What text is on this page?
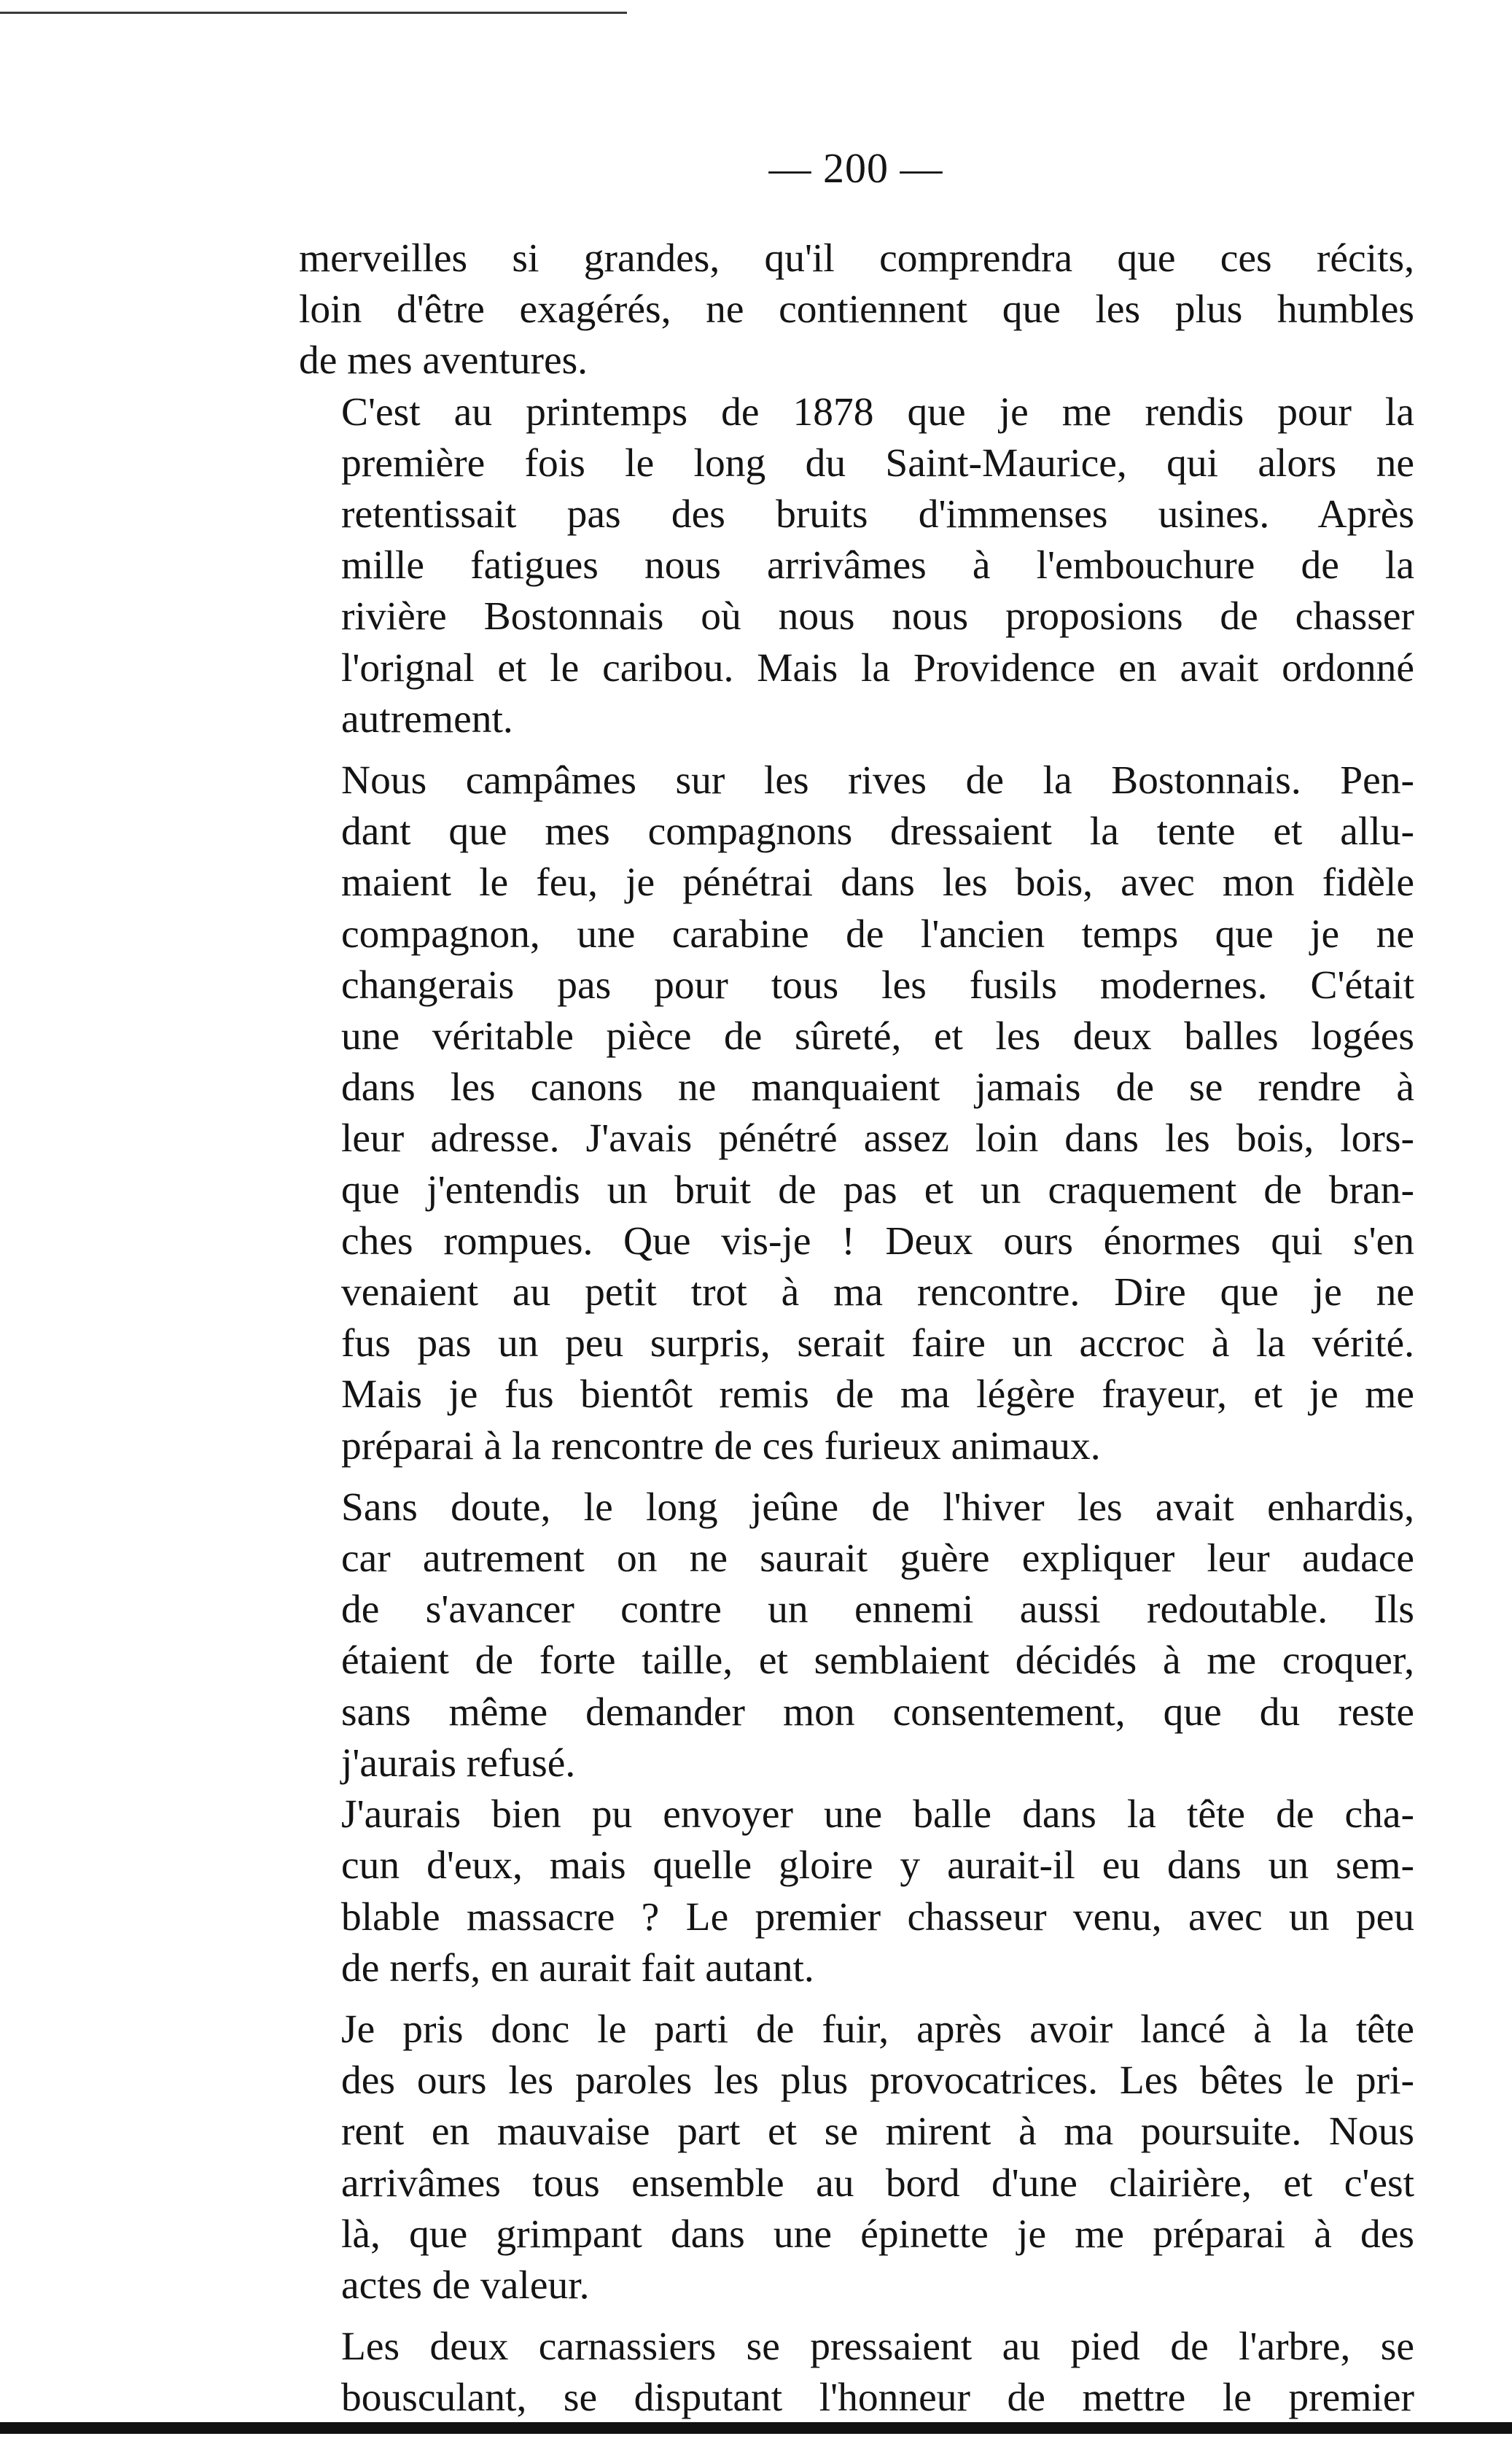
— 200 —

merveilles si grandes, qu'il comprendra que ces récits,
loin d'être exagérés, ne contiennent que les plus humbles
de mes aventures.

C'est au printemps de 1878 que je me rendis pour la
première fois le long du Saint-Maurice, qui alors ne
retentissait pas des bruits d'immenses usines. Après
mille fatigues nous arrivâmes à l'embouchure de la
rivière Bostonnais où nous nous proposions de chasser
l'orignal et le caribou. Mais la Providence en avait ordonné
autrement.

Nous campâmes sur les rives de la Bostonnais. Pen-
dant que mes compagnons dressaient la tente et allu-
maient le feu, je pénétrai dans les bois, avec mon fidèle
compagnon, une carabine de l'ancien temps que je ne
changerais pas pour tous les fusils modernes. C'était
une véritable pièce de sûreté, et les deux balles logées
dans les canons ne manquaient jamais de se rendre à
leur adresse. J'avais pénétré assez loin dans les bois, lors-
que j'entendis un bruit de pas et un craquement de bran-
ches rompues. Que vis-je ! Deux ours énormes qui s'en
venaient au petit trot à ma rencontre. Dire que je ne
fus pas un peu surpris, serait faire un accroc à la vérité.
Mais je fus bientôt remis de ma légère frayeur, et je me
préparai à la rencontre de ces furieux animaux.

Sans doute, le long jeûne de l'hiver les avait enhardis,
car autrement on ne saurait guère expliquer leur audace
de s'avancer contre un ennemi aussi redoutable. Ils
étaient de forte taille, et semblaient décidés à me croquer,
sans même demander mon consentement, que du reste
j'aurais refusé.

J'aurais bien pu envoyer une balle dans la tête de cha-
cun d'eux, mais quelle gloire y aurait-il eu dans un sem-
blable massacre ? Le premier chasseur venu, avec un peu
de nerfs, en aurait fait autant.

Je pris donc le parti de fuir, après avoir lancé à la tête
des ours les paroles les plus provocatrices. Les bêtes le pri-
rent en mauvaise part et se mirent à ma poursuite. Nous
arrivâmes tous ensemble au bord d'une clairière, et c'est
là, que grimpant dans une épinette je me préparai à des
actes de valeur.

Les deux carnassiers se pressaient au pied de l'arbre, se
bousculant, se disputant l'honneur de mettre le premier
